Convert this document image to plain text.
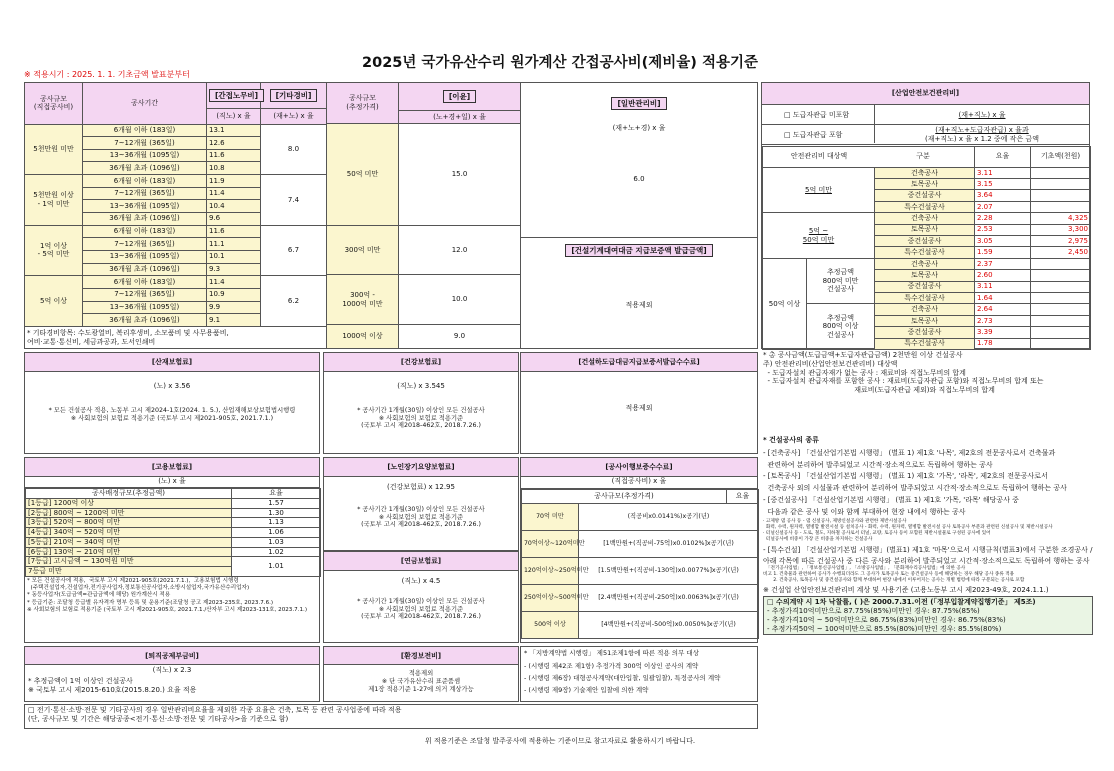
2025년 국가유산수리 원가계산 간접공사비(제비율) 적용기준
※ 적용시기 : 2025. 1. 1. 기초금액 발표분부터
공사규모
(직접공사비)	공사기간	[간접노무비]	[기타경비]
		(직노) x 율	(재+노) x 율
5천만원 미만	6개월 이하 (183일)	13.1	8.0
	7~12개월 (365일)	12.6	
	13~36개월 (1095일)	11.6	
	36개월 초과 (1096일)	10.8	
5천만원 이상
- 1억 미만	6개월 이하 (183일)	11.9	7.4
	7~12개월 (365일)	11.4	
	13~36개월 (1095일)	10.4	
	36개월 초과 (1096일)	9.6	
1억 이상
- 5억 미만	6개월 이하 (183일)	11.6	6.7
	7~12개월 (365일)	11.1	
	13~36개월 (1095일)	10.1	
	36개월 초과 (1096일)	9.3	
5억 이상	6개월 이하 (183일)	11.4	6.2
	7~12개월 (365일)	10.9	
	13~36개월 (1095일)	9.9	
	36개월 초과 (1096일)	9.1	
* 기타경비항목: 수도광열비, 복리후생비, 소모품비 및 사무용품비,
여비·교통·통신비, 세금과공과, 도서인쇄비			
공사규모
(추정가격)	[이윤]
	(노+경+일) x 율
50억 미만	15.0
300억 미만	12.0
300억 -
1000억 미만	10.0
1000억 이상	9.0
[일반관리비]
(재+노+경) x 율
6.0
[건설기계대여대금 지급보증액 발급금액]
적용제외
[산업안전보건관리비]
□ 도급자관급 미포함	(재+직노) x 율
□ 도급자관급 포함
(재+직노+도급자관급) x 율과
(재+직노) x 율 x 1.2 중에 작은 금액
안전관리비 대상액 구분			요율	기초액(천원)
5억 미만		건축공사	3.11	
		토목공사	3.15	
		중건설공사	3.64	
		특수건설공사	2.07	
5억 ~
50억 미만		건축공사	2.28	4,325
		토목공사	2.53	3,300
		중건설공사	3.05	2,975
		특수건설공사	1.59	2,450
50억 이상	추정금액
800억 미만
건설공사	건축공사	2.37	
		토목공사	2.60	
		중건설공사	3.11	
		특수건설공사	1.64	
	추정금액
800억 이상
건설공사	건축공사	2.64	
		토목공사	2.73	
		중건설공사	3.39	
		특수건설공사	1.78	
* 총 공사금액(도급금액+도급자관급금액) 2천만원 이상 건설공사
주) 안전관리비(산업안전보건관리비) 대상액
- 도급자설치 관급자재가 없는 공사 : 재료비와 직접노무비의 합계
- 도급자설치 관급자재를 포함한 공사 : 재료비(도급자관급 포함)와 직접노무비의 합계 또는
재료비(도급자관급 제외)와 직접노무비의 합계
[산재보험료]
(노) x 3.56
* 모든 건설공사 적용, 노동부 고시 제2024-1호(2024. 1. 5.), 산업재해보상보험법시행령
※ 사회보험의 보험료 적용기준 (국토부 고시 제2021-905호, 2021.7.1.)
[건강보험료]
(직노) x 3.545
* 공사기간 1개월(30일) 이상인 모든 건설공사
※ 사회보험의 보험료 적용기준
(국토부 고시 제2018-462호, 2018.7.26.)
[건설하도급대금지급보증서발급수수료]
적용제외
[고용보험료]
(노) x 율
공사배정규모(추정금액)	요율
[1등급] 1200억 이상	1.57
[2등급] 800억 ~ 1200억 미만	1.30
[3등급] 520억 ~ 800억 미만	1.13
[4등급] 340억 ~ 520억 미만	1.06
[5등급] 210억 ~ 340억 미만	1.03
[6등급] 130억 ~ 210억 미만	1.02
[7등급] 고시금액 ~ 130억원 미만	1.01
7등급 미만	
* 모든 건설공사에 적용,  국토부 고시 제2021-905호(2021.7.1.),  고용보험법 시행령
(주택건설업자,건설업자,전기공사업자,정보통신공사업자,소방시설업자,국가유산수리업자)
* 동등사업자(도급금액=관급금액에 해당) 원가계산시 적용
* 등급기준: 조달청 등급별 유자격자 명부 등록 및 운용기준(조달청 공고 제2023-235호, 2023.7.6.)
※ 사회보험의 보험료 적용기준 (국토부 고시 제2021-905호, 2021.7.1./산자부 고시 제2023-131호, 2023.7.1.)
[노인장기요양보험료]
(건강보험료) x 12.95
* 공사기간 1개월(30일) 이상인 모든 건설공사
※ 사회보험의 보험료 적용기준
(국토부 고시 제2018-462호, 2018.7.26.)
[연금보험료]
(직노) x 4.5
* 공사기간 1개월(30일) 이상인 모든 건설공사
※ 사회보험의 보험료 적용기준
(국토부 고시 제2018-462호, 2018.7.26.)
[공사이행보증수수료]
(직접공사비) x 율
공사규모(추정가격)		요율
70억 미만	(직공비x0.0141%)x공기(년)	
70억이상~120억미만	[1백만원+(직공비-75억)x0.0102%]x공기(년)	
120억이상~250억미만	[1.5백만원+(직공비-130억)x0.0077%]x공기(년)	
250억이상~500억미만	[2.4백만원+(직공비-250억)x0.0063%]x공기(년)	
500억 이상	[4백만원+(직공비-500억)x0.0050%]x공기(년)	
* 건설공사의 종류
- [건축공사] 「건설산업기본법 시행령」 (별표 1) 제1호 '나목', 제2호의 전문공사로서 건축물과
관련하여 분리하여 발주되었고 시간적·장소적으로도 독립하여 행하는 공사
- [토목공사] 「건설산업기본법 시행령」 (별표 1) 제1호 '가목', '라목', 제2호의 전문공사로서
건축공사 외의 시설물과 관련하여 분리하여 발주되었고 시간적·장소적으로도 독립하여 행하는 공사
- [중건설공사] 「건설산업기본법 시행령」 (별표 1) 제1호 '가목, '라목' 해당공사 중
다음과 같은 공사 및 이와 함께 부대하여 현장 내에서 행하는 공사
· 고제방 댐 공사 등 - 댐 신설공사, 제방신설공사와 관련한 제반시설공사
화력, 수력, 원자력, 열병합 발전시설 등 설치공사 - 화력, 수력, 원자력, 열병합 발전시설 공사 토목공사 부분과 관련된 신설공사 및 제반시설공사
· 터널신설공사 등 - 도로, 철도, 지하철 공사로서 터널, 교량, 토공사 등이 포함된 제반시설물로 구성된 공사에 있어
터널공사에 비중이 가장 큰 비중을 차지하는 건설공사
- [특수건설] 「건설산업기본법 시행령」(별표1) 제1호 '마목'으로서 시행규칙(별표3)에서 구분한 조경공사 /
아래 각목에 따른 건설공사 중 다른 공사와 분리하여 발주되었고 시간적·장소적으로도 독립하여 행하는 공사
「전기공사업법」, 「정보통신공사업법」, 「소방공사업법」, 「문화재수리공사업법」에 의한 공사
비고 1. 건축물과 관련하여 공사가 수행되더라도 그 공사가 토목공사 또는 중건설공사 등에 해당하는 경우 해당 공사 종류 적용
2. 건축공사, 토목공사 및 중건설공사와 함께 부대하여 현장 내에서 이루어지는 공사는 개별 법령에 따라 구분되는 공사로 포함
※ 건설업 산업안전보건관리비 계상 및 사용기준 (고용노동부 고시 제2023-49호, 2024.1.1.)
□ 수의계약 시 1차 낙찰률, ( )은 2000.7.31.이전 (「정부입찰계약집행기준」 제5조)
- 추정가격10억미만으로 87.75%(85%)미만인 경우: 87.75%(85%)
- 추정가격10억 ~ 50억미만으로 86.75%(83%)미만인 경우: 86.75%(83%)
- 추정가격50억 ~ 100억미만으로 85.5%(80%)미만인 경우: 85.5%(80%)
[퇴직공제부금비]
(직노) x 2.3
* 추정금액이 1억 이상인 건설공사
※ 국토부 고시 제2015-610호(2015.8.20.) 요율 적용
[환경보전비]
적용제외
※ 단 국가유산수리 표준품셈
제1장 적용기준 1-27에 의거 계상가능
* 「지방계약법 시행령」 제51조제1항에 따른 적용 의무 대상
- (시행령 제42조 제1항) 추정가격 300억 이상인 공사의 계약
- (시행령 제6장) 대형공사계약(대안입찰, 일괄입찰), 특정공사의 계약
- (시행령 제9장) 기술제안 입찰에 의한 계약
□ 전기·통신·소방·전문 및 기타공사의 경우 일반관리비요율을 제외한 각종 요율은 건축, 토목 등 관련 공사업종에 따라 적용
(단, 공사규모 및 기간은 해당공종<전기·통신·소방·전문 및 기타공사>을 기준으로 함)
위 적용기준은 조달청 발주공사에 적용하는 기준이므로 참고자료로 활용하시기 바랍니다.
